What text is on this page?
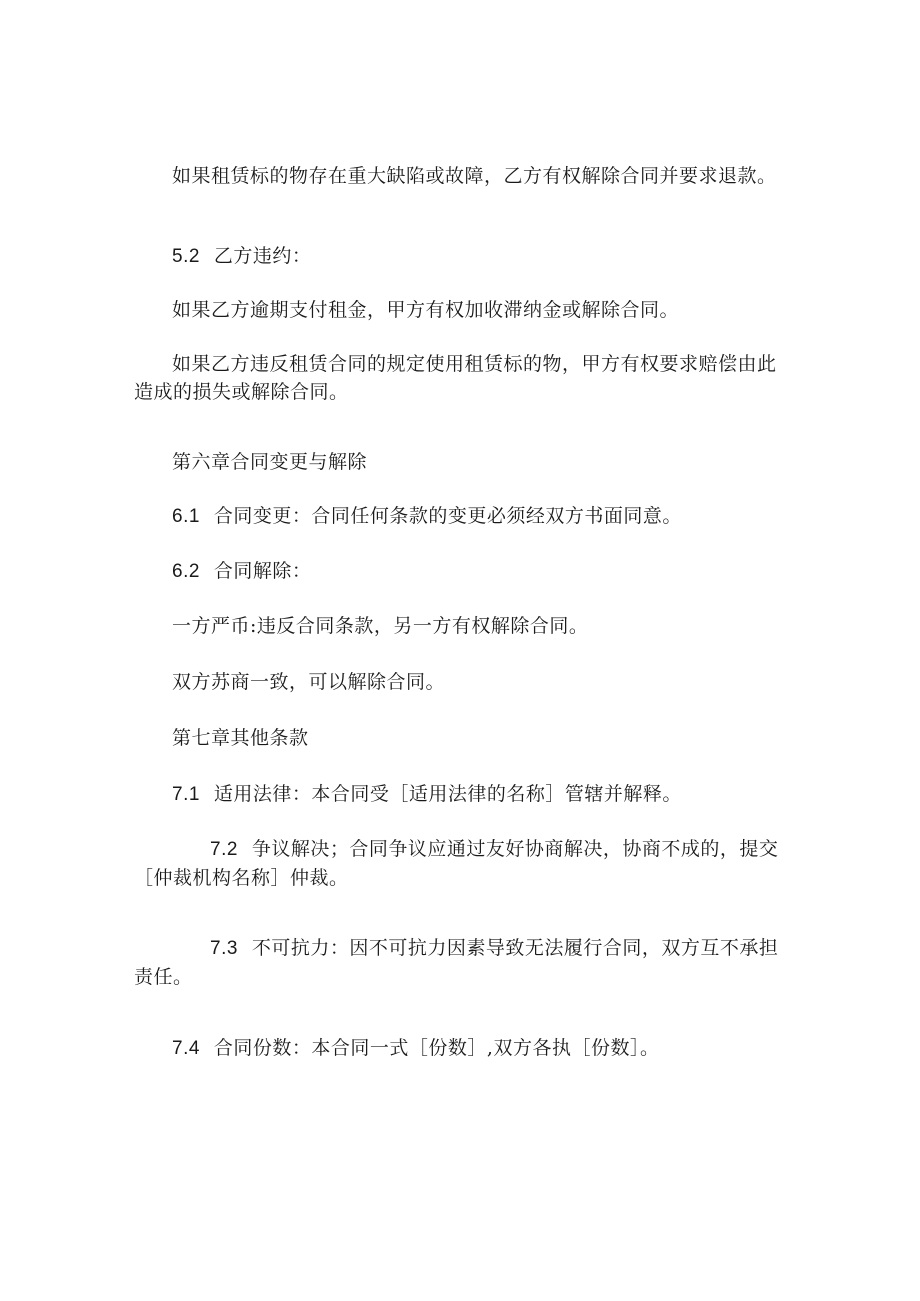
如果租赁标的物存在重大缺陷或故障，乙方有权解除合同并要求退款。

5.2 乙方违约：

如果乙方逾期支付租金，甲方有权加收滞纳金或解除合同。

如果乙方违反租赁合同的规定使用租赁标的物，甲方有权要求赔偿由此造成的损失或解除合同。

第六章合同变更与解除

6.1 合同变更：合同任何条款的变更必须经双方书面同意。

6.2 合同解除：

一方严币:违反合同条款，另一方有权解除合同。

双方苏商一致，可以解除合同。

第七章其他条款

7.1 适用法律：本合同受［适用法律的名称］管辖并解释。

7.2 争议解决；合同争议应通过友好协商解决，协商不成的，提交［仲裁机构名称］仲裁。

7.3 不可抗力：因不可抗力因素导致无法履行合同，双方互不承担责任。

7.4 合同份数：本合同一式［份数］,双方各执［份数］。
